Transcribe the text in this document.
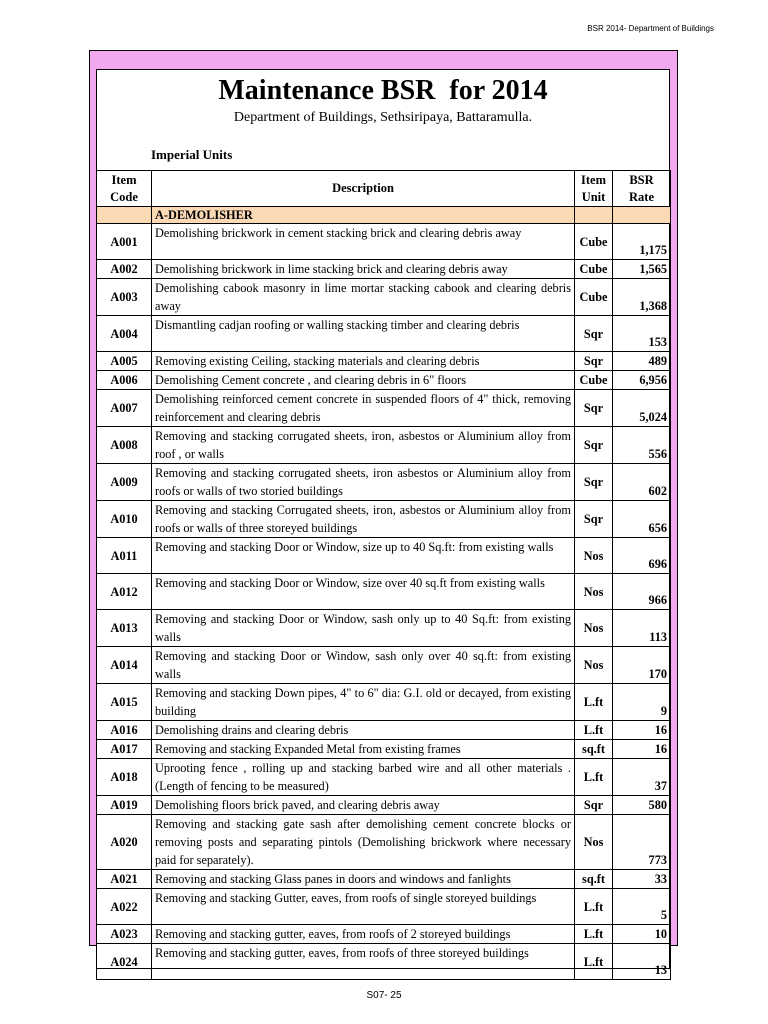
BSR 2014- Department of Buildings
Maintenance BSR  for 2014
Department of Buildings, Sethsiripaya, Battaramulla.
Imperial Units
Item Code	Description	Item Unit	BSR Rate
	A-DEMOLISHER		
A001	Demolishing brickwork in cement stacking brick and clearing debris away	Cube	1,175
A002	Demolishing brickwork in lime stacking brick and clearing debris away	Cube	1,565
A003	Demolishing cabook masonry in lime mortar stacking cabook and clearing debris away	Cube	1,368
A004	Dismantling cadjan roofing or walling stacking timber and clearing debris	Sqr	153
A005	Removing existing Ceiling, stacking materials and clearing debris	Sqr	489
A006	Demolishing Cement concrete , and clearing debris in 6" floors	Cube	6,956
A007	Demolishing reinforced cement concrete in suspended floors of 4" thick, removing reinforcement and clearing debris	Sqr	5,024
A008	Removing and stacking corrugated sheets, iron, asbestos or Aluminium alloy from roof , or walls	Sqr	556
A009	Removing and stacking corrugated sheets, iron asbestos or Aluminium alloy from roofs or walls of two storied buildings	Sqr	602
A010	Removing and stacking Corrugated sheets, iron, asbestos or Aluminium alloy from roofs or walls of three storeyed buildings	Sqr	656
A011	Removing and stacking Door or Window, size up to 40 Sq.ft: from existing walls	Nos	696
A012	Removing and stacking Door or Window, size over 40 sq.ft from existing walls	Nos	966
A013	Removing and stacking Door or Window, sash only up to 40 Sq.ft: from existing walls	Nos	113
A014	Removing and stacking Door or Window, sash only over 40 sq.ft: from existing walls	Nos	170
A015	Removing and stacking Down pipes, 4" to 6" dia: G.I. old or decayed, from existing building	L.ft	9
A016	Demolishing drains and clearing debris	L.ft	16
A017	Removing and stacking Expanded Metal from existing frames	sq.ft	16
A018	Uprooting fence , rolling up and stacking barbed wire and all other materials . (Length of fencing to be measured)	L.ft	37
A019	Demolishing floors brick paved, and clearing debris away	Sqr	580
A020	Removing and stacking gate sash after demolishing cement concrete blocks or removing posts and separating pintols (Demolishing brickwork where necessary paid for separately).	Nos	773
A021	Removing and stacking Glass panes in doors and windows and fanlights	sq.ft	33
A022	Removing and stacking Gutter, eaves, from roofs of single storeyed buildings	L.ft	5
A023	Removing and stacking gutter, eaves, from roofs of 2 storeyed buildings	L.ft	10
A024	Removing and stacking gutter, eaves, from roofs of three storeyed buildings	L.ft	13
S07- 25
